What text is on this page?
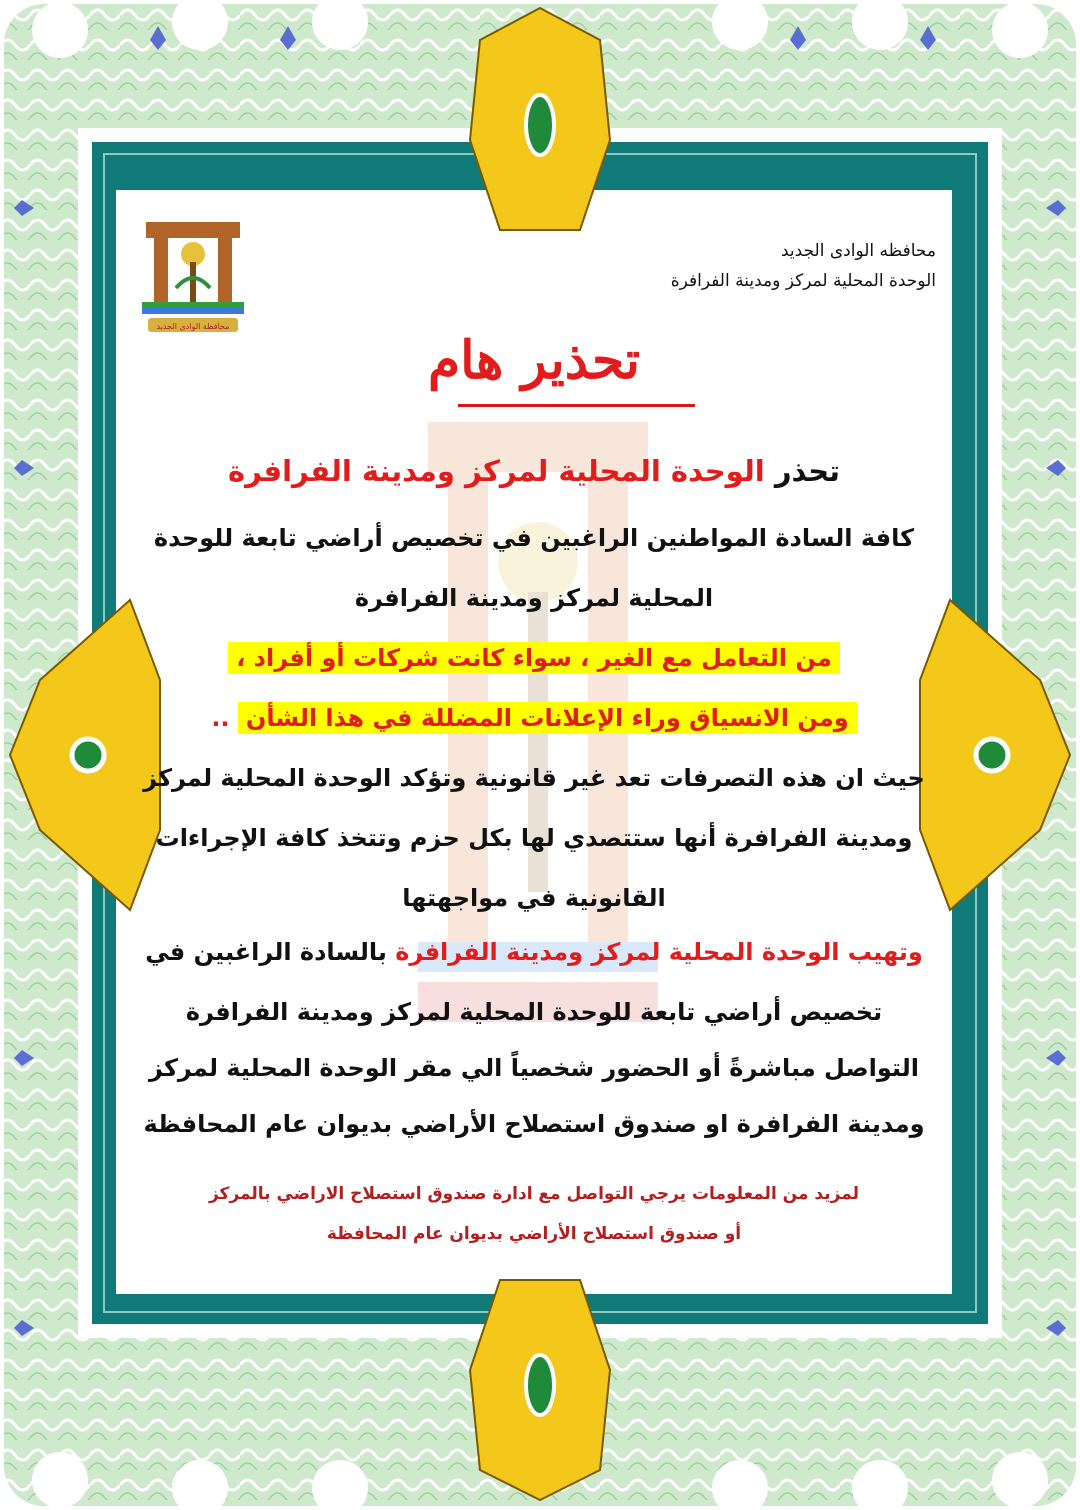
محافظة الوادي الجديد
محافظه الوادى الجديد
الوحدة المحلية لمركز ومدينة الفرافرة
تحذير هام
تحذر الوحدة المحلية لمركز ومدينة الفرافرة
كافة السادة المواطنين الراغبين في تخصيص أراضي تابعة للوحدة
المحلية لمركز ومدينة الفرافرة
من التعامل مع الغير ، سواء كانت شركات أو أفراد ،
ومن الانسياق وراء الإعلانات المضللة في هذا الشأن ..
حيث ان هذه التصرفات تعد غير قانونية وتؤكد الوحدة المحلية لمركز
ومدينة الفرافرة أنها ستتصدي لها بكل حزم وتتخذ كافة الإجراءات
القانونية في مواجهتها
وتهيب الوحدة المحلية لمركز ومدينة الفرافرة بالسادة الراغبين في
تخصيص أراضي تابعة للوحدة المحلية لمركز ومدينة الفرافرة
التواصل مباشرةً أو الحضور شخصياً الي مقر الوحدة المحلية لمركز
ومدينة الفرافرة او صندوق استصلاح الأراضي بديوان عام المحافظة
لمزيد من المعلومات يرجي التواصل مع ادارة صندوق استصلاح الاراضي بالمركز
أو صندوق استصلاح الأراضي بديوان عام المحافظة
